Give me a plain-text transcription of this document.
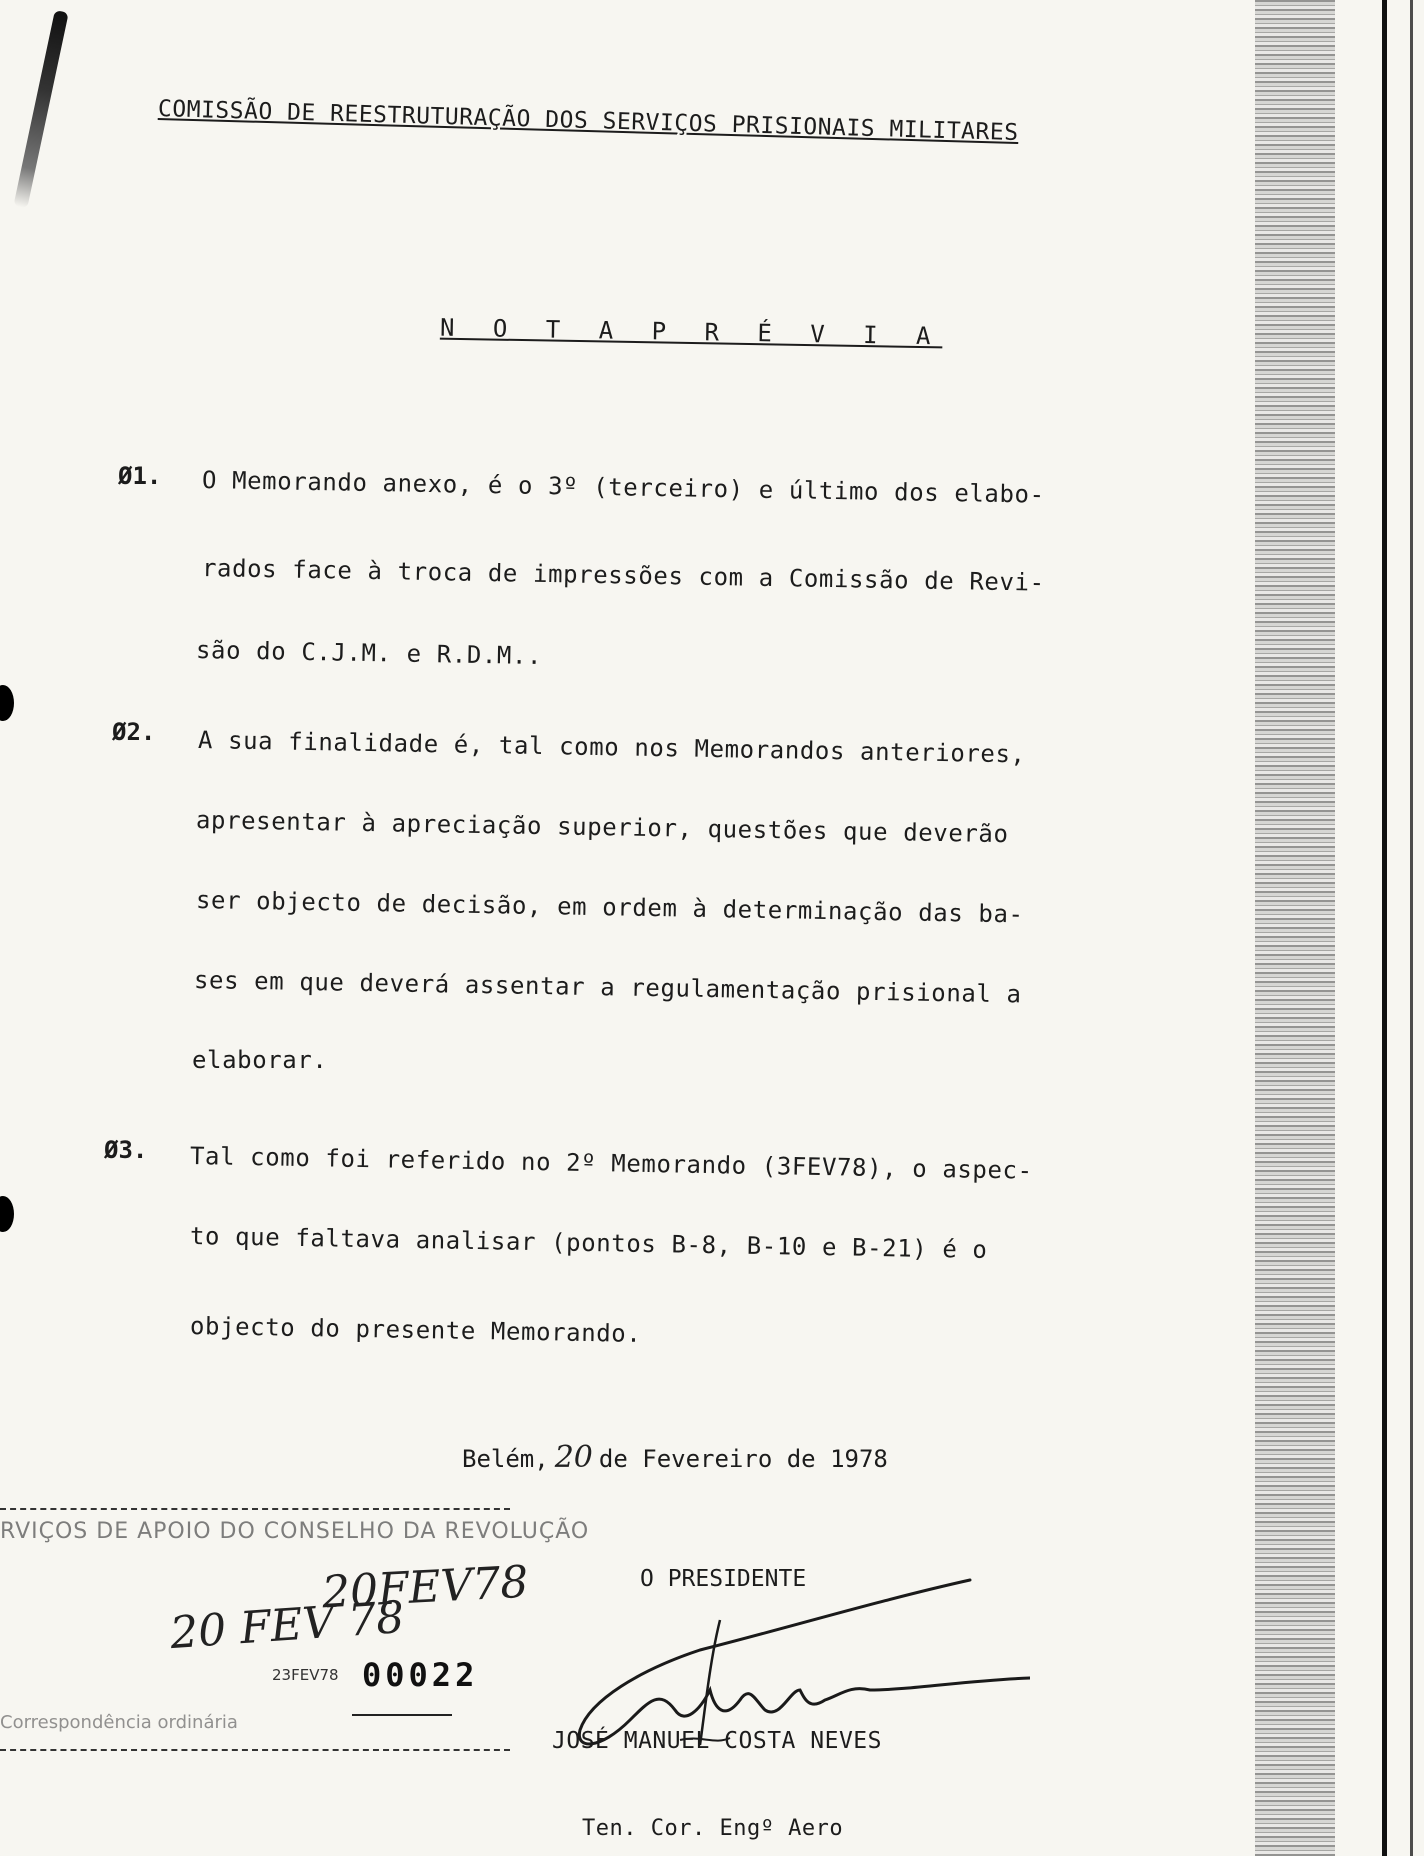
COMISSÃO DE REESTRUTURAÇÃO DOS SERVIÇOS PRISIONAIS MILITARES
N O T A P R É V I A
Ø1. O Memorando anexo, é o 3º (terceiro) e último dos elabo-
rados face à troca de impressões com a Comissão de Revi-
são do C.J.M. e R.D.M..
Ø2. A sua finalidade é, tal como nos Memorandos anteriores,
apresentar à apreciação superior, questões que deverão
ser objecto de decisão, em ordem à determinação das ba-
ses em que deverá assentar a regulamentação prisional a
elaborar.
Ø3. Tal como foi referido no 2º Memorando (3FEV78), o aspec-
to que faltava analisar (pontos B-8, B-10 e B-21) é o
objecto do presente Memorando.
Belém, 20 de Fevereiro de 1978
RVIÇOS DE APOIO DO CONSELHO DA REVOLUÇÃO
20FEV78
20 FEV 78
23FEV78 00022
Correspondência ordinária
O PRESIDENTE
JOSÉ MANUEL COSTA NEVES
Ten. Cor. Engº Aero
